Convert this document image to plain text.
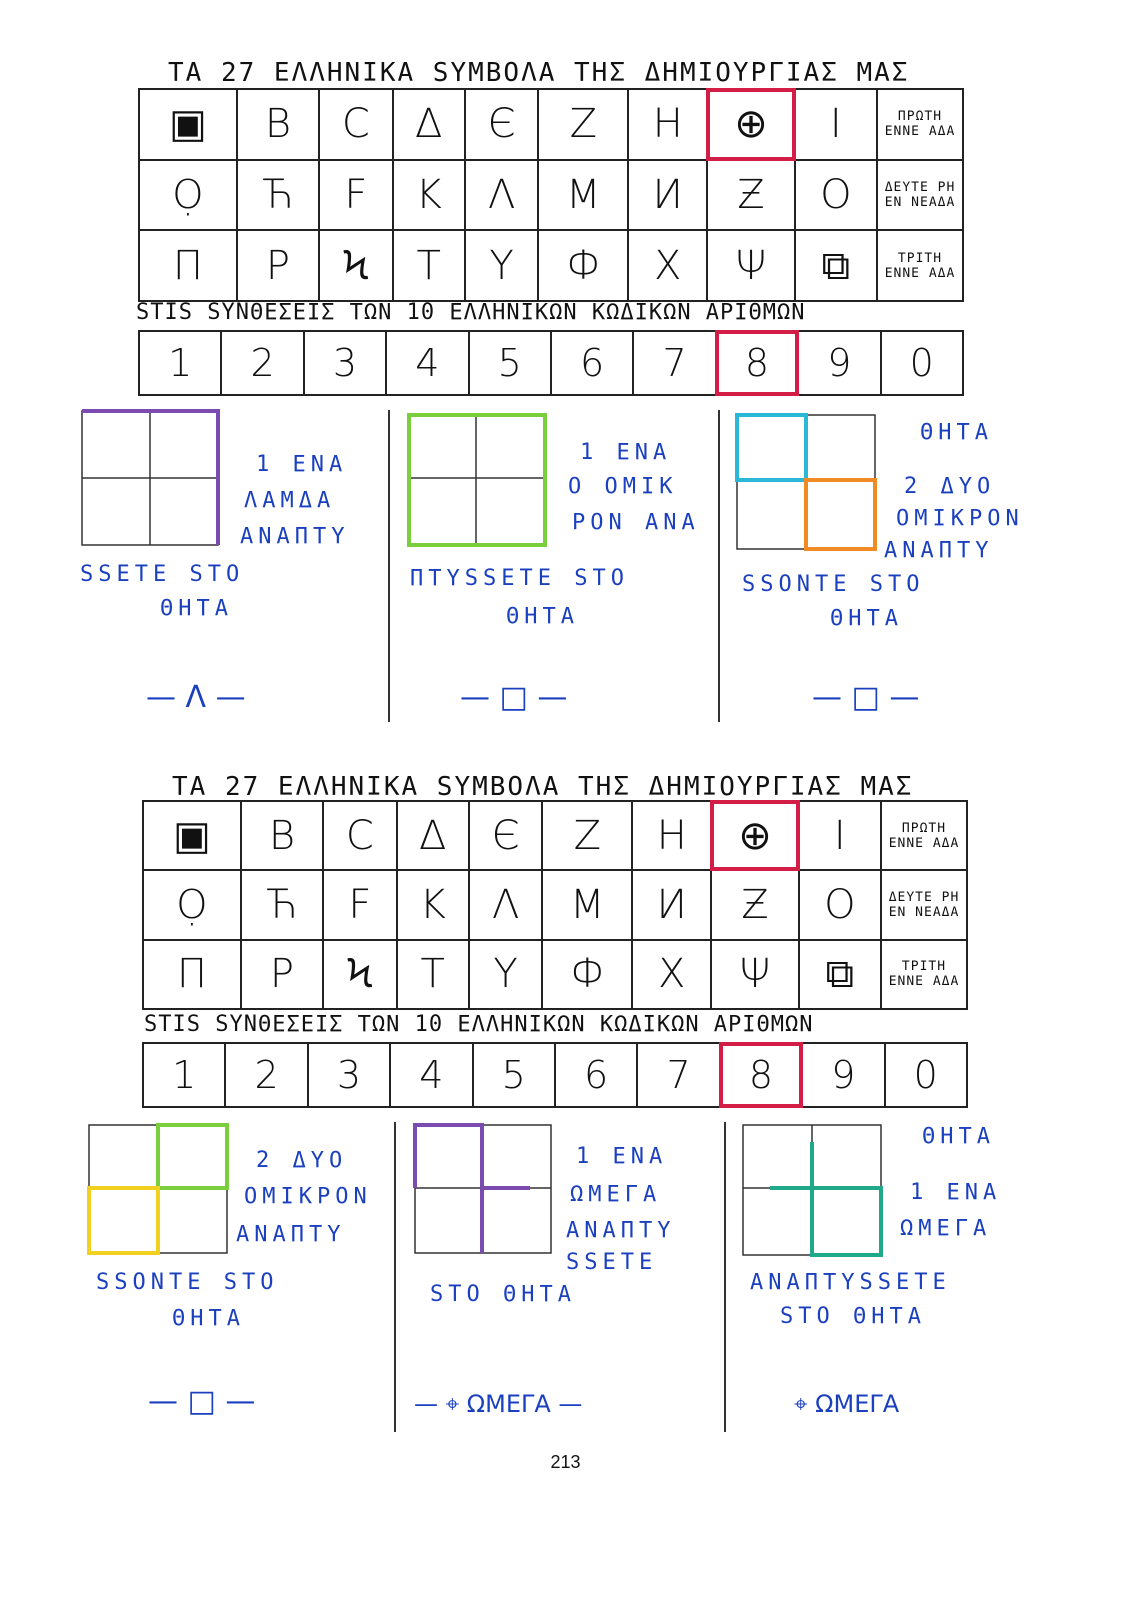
ΤΑ 27 ΕΛΛΗΝΙΚΑ SYMBOΛΑ ΤΗΣ ΔΗΜΙΟΥΡΓΙΑΣ ΜΑΣ
▣	B	C	Δ	Є	Z	H	⊕	I	ΠΡΩΤΗ ΕΝΝΕ ΑΔΑ
Ọ	Ћ	F	K	Λ	M	И	Ƶ	O	ΔΕΥΤΕ ΡΗ ΕΝ ΝΕΑΔΑ
Π	P	Ϟ	T	Y	Ф	X	Ψ	⧉	ΤΡΙΤΗ ΕΝΝΕ ΑΔΑ
STIS SYNΘΕΣΕΙΣ ΤΩΝ 10 ΕΛΛΗΝΙΚΩΝ ΚΩΔΙΚΩΝ ΑΡΙΘΜΩΝ
1	2	3	4	5	6	7	8	9	0
1 ΕΝΑ
ΛΑΜΔΑ
ΑΝΑΠΤΥ
SSETE STO
ΘΗΤΑ
— Λ —
1 ΕΝΑ
Ο ΟΜΙΚ
ΡΟΝ ΑΝΑ
ΠΤΥSSETE STO
ΘΗΤΑ
— □ —
ΘΗΤΑ
2 ΔΥΟ
ΟΜΙΚΡΟΝ
ΑΝΑΠΤΥ
SSONTE STO
ΘΗΤΑ
— □ —
ΤΑ 27 ΕΛΛΗΝΙΚΑ SYMBOΛΑ ΤΗΣ ΔΗΜΙΟΥΡΓΙΑΣ ΜΑΣ
▣	B	C	Δ	Є	Z	H	⊕	I	ΠΡΩΤΗ ΕΝΝΕ ΑΔΑ
Ọ	Ћ	F	K	Λ	M	И	Ƶ	O	ΔΕΥΤΕ ΡΗ ΕΝ ΝΕΑΔΑ
Π	P	Ϟ	T	Y	Ф	X	Ψ	⧉	ΤΡΙΤΗ ΕΝΝΕ ΑΔΑ
STIS SYNΘΕΣΕΙΣ ΤΩΝ 10 ΕΛΛΗΝΙΚΩΝ ΚΩΔΙΚΩΝ ΑΡΙΘΜΩΝ
1	2	3	4	5	6	7	8	9	0
2 ΔΥΟ
ΟΜΙΚΡΟΝ
ΑΝΑΠΤΥ
SSONTE STO
ΘΗΤΑ
— □ —
1 ΕΝΑ
ΩΜΕΓΑ
ΑΝΑΠΤΥ
SSETE
STO ΘΗΤΑ
— ⌖ ΩΜΕΓΑ —
ΘΗΤΑ
1 ΕΝΑ
ΩΜΕΓΑ
ΑΝΑΠΤΥSSETE
STO ΘΗΤΑ
⌖ ΩΜΕΓΑ
213
